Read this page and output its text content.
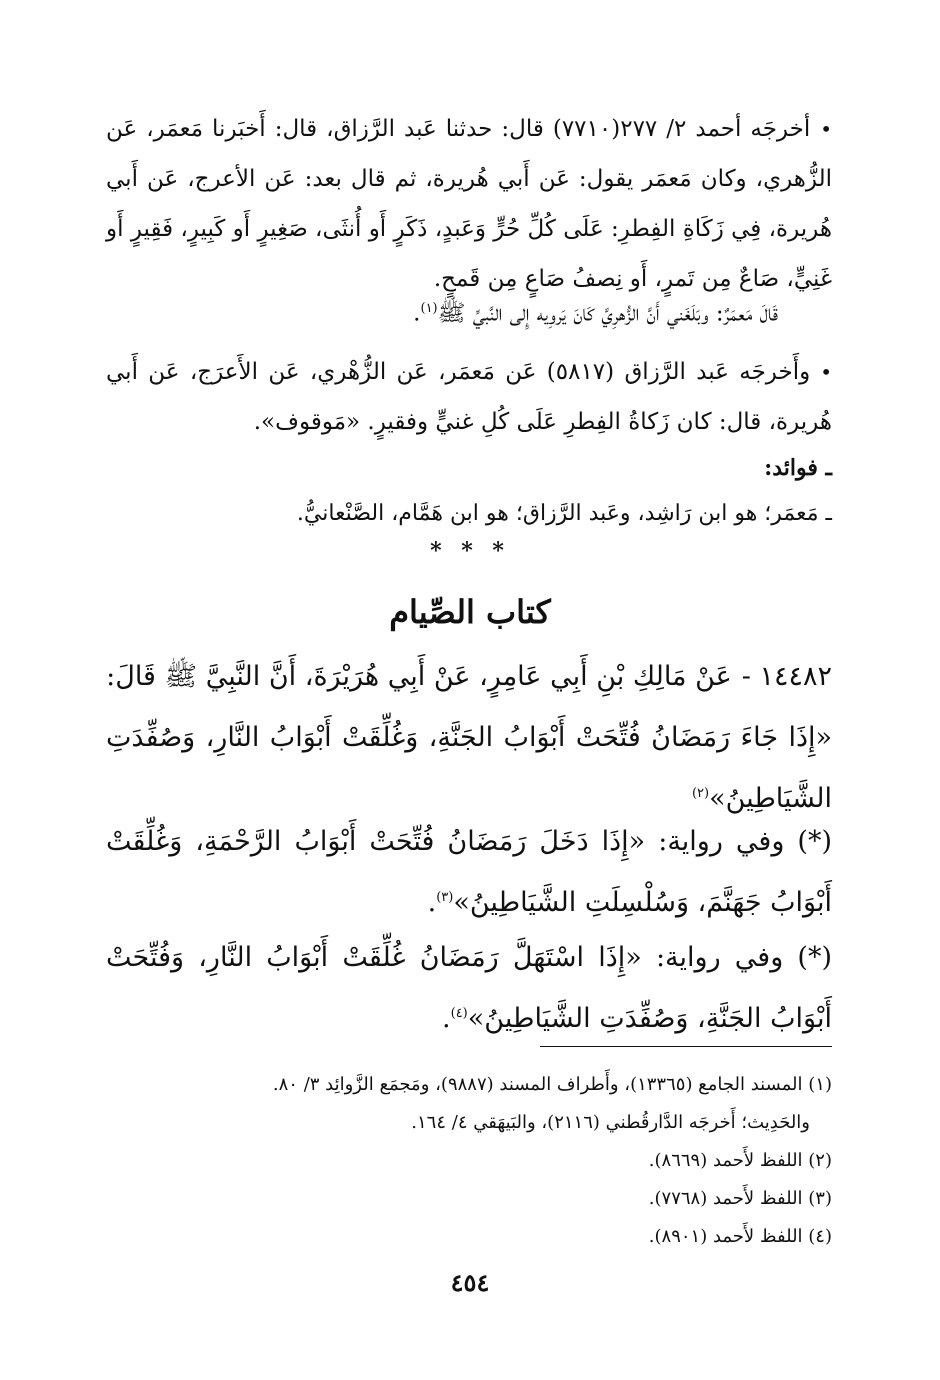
•أخرجَه أحمد ٢/ ٢٧٧(٧٧١٠) قال: حدثنا عَبد الرَّزاق، قال: أَخبَرنا مَعمَر، عَن الزُّهري، وكان مَعمَر يقول: عَن أَبي هُريرة، ثم قال بعد: عَن الأعرج، عَن أَبي هُريرة، فِي زَكَاةِ الفِطرِ: عَلَى كُلِّ حُرٍّ وَعَبدٍ، ذَكَرٍ أَو أُنثَى، صَغِيرٍ أَو كَبِيرٍ، فَقِيرٍ أَو غَنِيٍّ، صَاعٌ مِن تَمرٍ، أَو نِصفُ صَاعٍ مِن قَمحٍ.
قَالَ مَعمَرٌ: وبَلَغَني أَنَّ الزُّهرِيَّ كَانَ يَروِيه إِلى النَّبيِّ ﷺ$^{(١)}$.
•وأَخرجَه عَبد الرَّزاق (٥٨١٧) عَن مَعمَر، عَن الزُّهْري، عَن الأَعرَج، عَن أَبي هُريرة، قال: كان زَكاةُ الفِطرِ عَلَى كُلِ غنيٍّ وفقيرٍ. «مَوقوف».
ـ فوائد:
ـ مَعمَر؛ هو ابن رَاشِد، وعَبد الرَّزاق؛ هو ابن هَمَّام، الصَّنْعانيُّ.
* * *
كتاب الصِّيام
١٤٤٨٢ -عَنْ مَالِكِ بْنِ أَبِي عَامِرٍ، عَنْ أَبِي هُرَيْرَةَ، أَنَّ النَّبِيَّ ﷺ قَالَ:
«إِذَا جَاءَ رَمَضَانُ فُتِّحَتْ أَبْوَابُ الجَنَّةِ، وَغُلِّقَتْ أَبْوَابُ النَّارِ، وَصُفِّدَتِ الشَّيَاطِينُ»$^{(٢)}$
(*) وفي رواية: «إِذَا دَخَلَ رَمَضَانُ فُتِّحَتْ أَبْوَابُ الرَّحْمَةِ، وَغُلِّقَتْ أَبْوَابُ جَهَنَّمَ، وَسُلْسِلَتِ الشَّيَاطِينُ»$^{(٣)}$.
(*) وفي رواية: «إِذَا اسْتَهَلَّ رَمَضَانُ غُلِّقَتْ أَبْوَابُ النَّارِ، وَفُتِّحَتْ أَبْوَابُ الجَنَّةِ، وَصُفِّدَتِ الشَّيَاطِينُ»$^{(٤)}$.
(١) المسند الجامع (١٣٣٦٥)، وأَطراف المسند (٩٨٨٧)، ومَجمَع الزَّوائِد ٣/ ٨٠.
والحَدِيث؛ أَخرجَه الدَّارقُطني (٢١١٦)، والبَيهَقي ٤/ ١٦٤.
(٢) اللفظ لأَحمد (٨٦٦٩).
(٣) اللفظ لأَحمد (٧٧٦٨).
(٤) اللفظ لأَحمد (٨٩٠١).
٤٥٤
